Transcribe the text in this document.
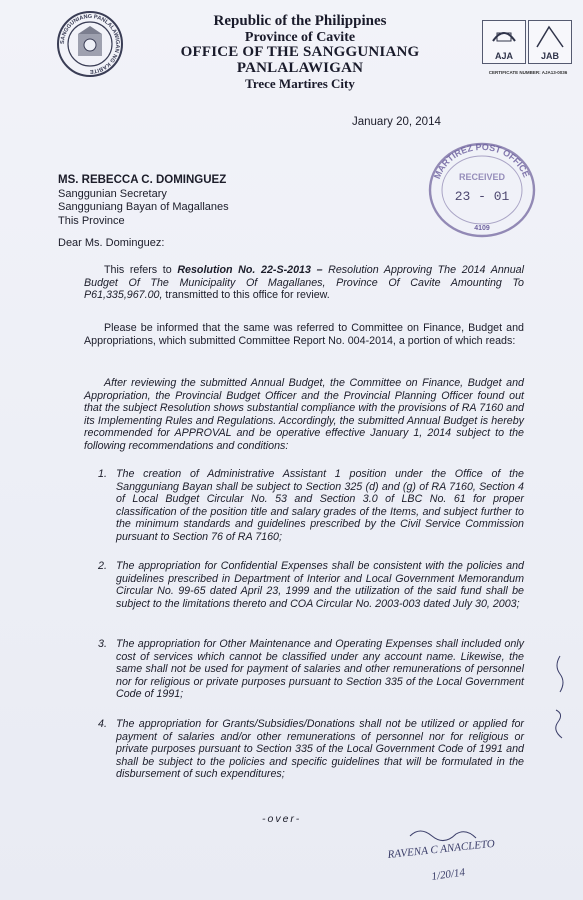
SANGGUNIANG PANLALAWIGAN NG KABITE
Republic of the Philippines
Province of Cavite
OFFICE OF THE SANGGUNIANG PANLALAWIGAN
Trece Martires City
AJA	JAB
CERTIFICATE NUMBER: AJA13-0036
January 20, 2014
MARTIREZ POST OFFICE
RECEIVED
23 - 01
4109
MS. REBECCA C. DOMINGUEZ
Sanggunian Secretary
Sangguniang Bayan of Magallanes
This Province
Dear Ms. Dominguez:
This refers to Resolution No. 22-S-2013 – Resolution Approving The 2014 Annual Budget Of The Municipality Of Magallanes, Province Of Cavite Amounting To P61,335,967.00, transmitted to this office for review.
Please be informed that the same was referred to Committee on Finance, Budget and Appropriations, which submitted Committee Report No. 004-2014, a portion of which reads:
After reviewing the submitted Annual Budget, the Committee on Finance, Budget and Appropriation, the Provincial Budget Officer and the Provincial Planning Officer found out that the subject Resolution shows substantial compliance with the provisions of RA 7160 and its Implementing Rules and Regulations. Accordingly, the submitted Annual Budget is hereby recommended for APPROVAL and be operative effective January 1, 2014 subject to the following recommendations and conditions:
1. The creation of Administrative Assistant 1 position under the Office of the Sangguniang Bayan shall be subject to Section 325 (d) and (g) of RA 7160, Section 4 of Local Budget Circular No. 53 and Section 3.0 of LBC No. 61 for proper classification of the position title and salary grades of the Items, and subject further to the minimum standards and guidelines prescribed by the Civil Service Commission pursuant to Section 76 of RA 7160;
2. The appropriation for Confidential Expenses shall be consistent with the policies and guidelines prescribed in Department of Interior and Local Government Memorandum Circular No. 99-65 dated April 23, 1999 and the utilization of the said fund shall be subject to the limitations thereto and COA Circular No. 2003-003 dated July 30, 2003;
3. The appropriation for Other Maintenance and Operating Expenses shall included only cost of services which cannot be classified under any account name. Likewise, the same shall not be used for payment of salaries and other remunerations of personnel nor for religious or private purposes pursuant to Section 335 of the Local Government Code of 1991;
4. The appropriation for Grants/Subsidies/Donations shall not be utilized or applied for payment of salaries and/or other remunerations of personnel nor for religious or private purposes pursuant to Section 335 of the Local Government Code of 1991 and shall be subject to the policies and specific guidelines that will be formulated in the disbursement of such expenditures;
-over-
RAVENA C ANACLETO
1/20/14
